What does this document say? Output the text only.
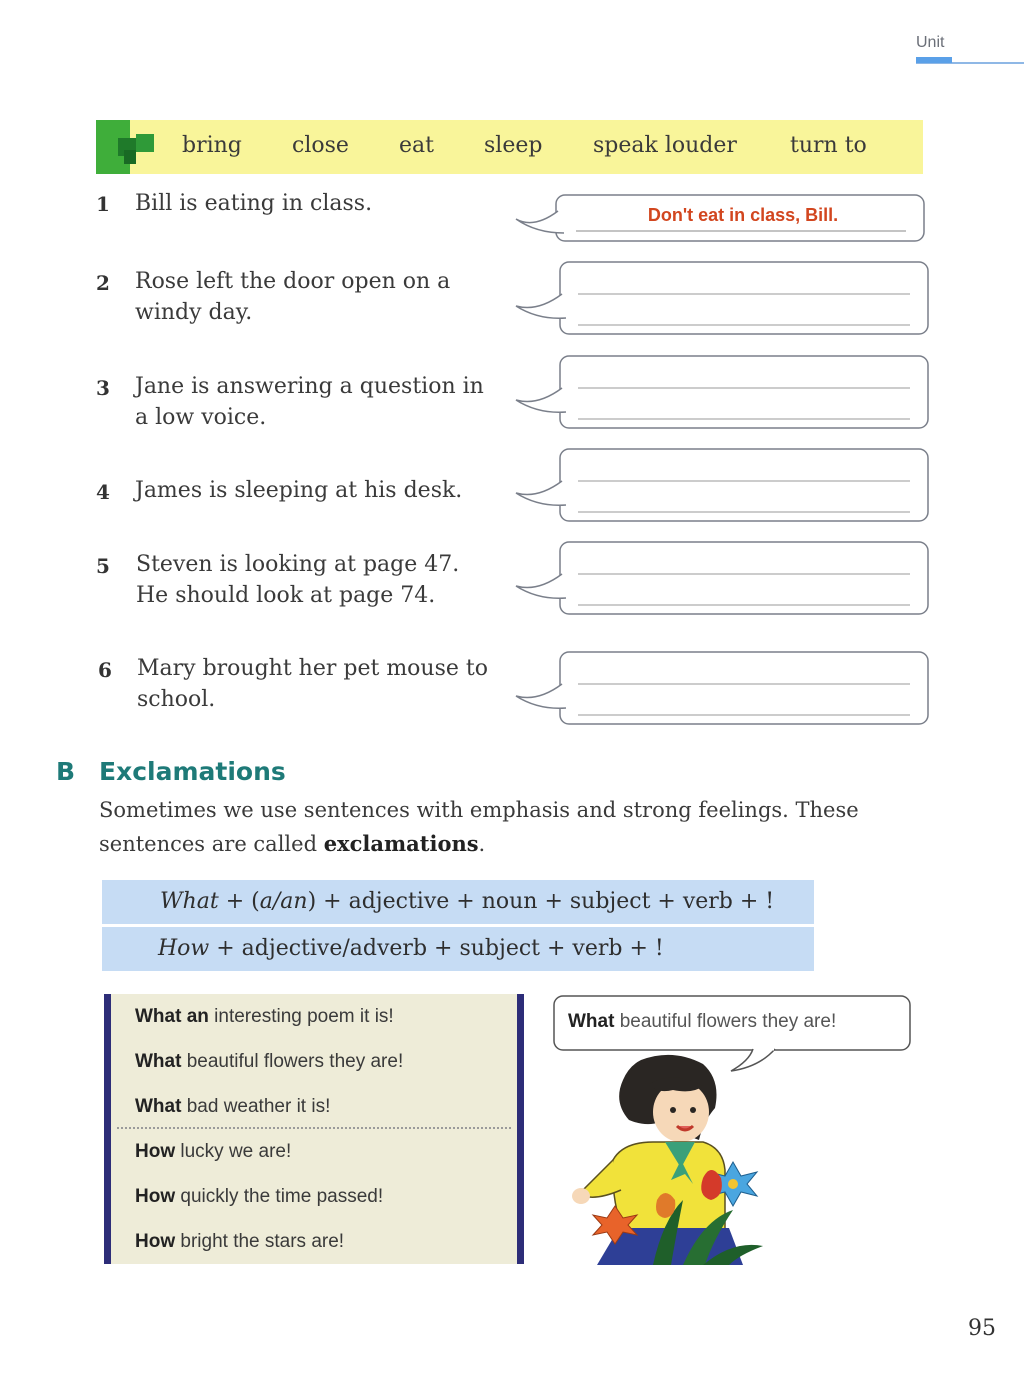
Unit
bring close eat sleep speak louder turn to
1 Bill is eating in class.	Don't eat in class, Bill.
2 Rose left the door open on a windy day.
3 Jane is answering a question in a low voice.
4 James is sleeping at his desk.
5 Steven is looking at page 47. He should look at page 74.
6 Mary brought her pet mouse to school.
B Exclamations
Sometimes we use sentences with emphasis and strong feelings. These sentences are called exclamations.
What + (a/an) + adjective + noun + subject + verb + !
How + adjective/adverb + subject + verb + !
What an interesting poem it is!
What beautiful flowers they are!
What bad weather it is!
How lucky we are!
How quickly the time passed!
How bright the stars are!
What beautiful flowers they are!
95
